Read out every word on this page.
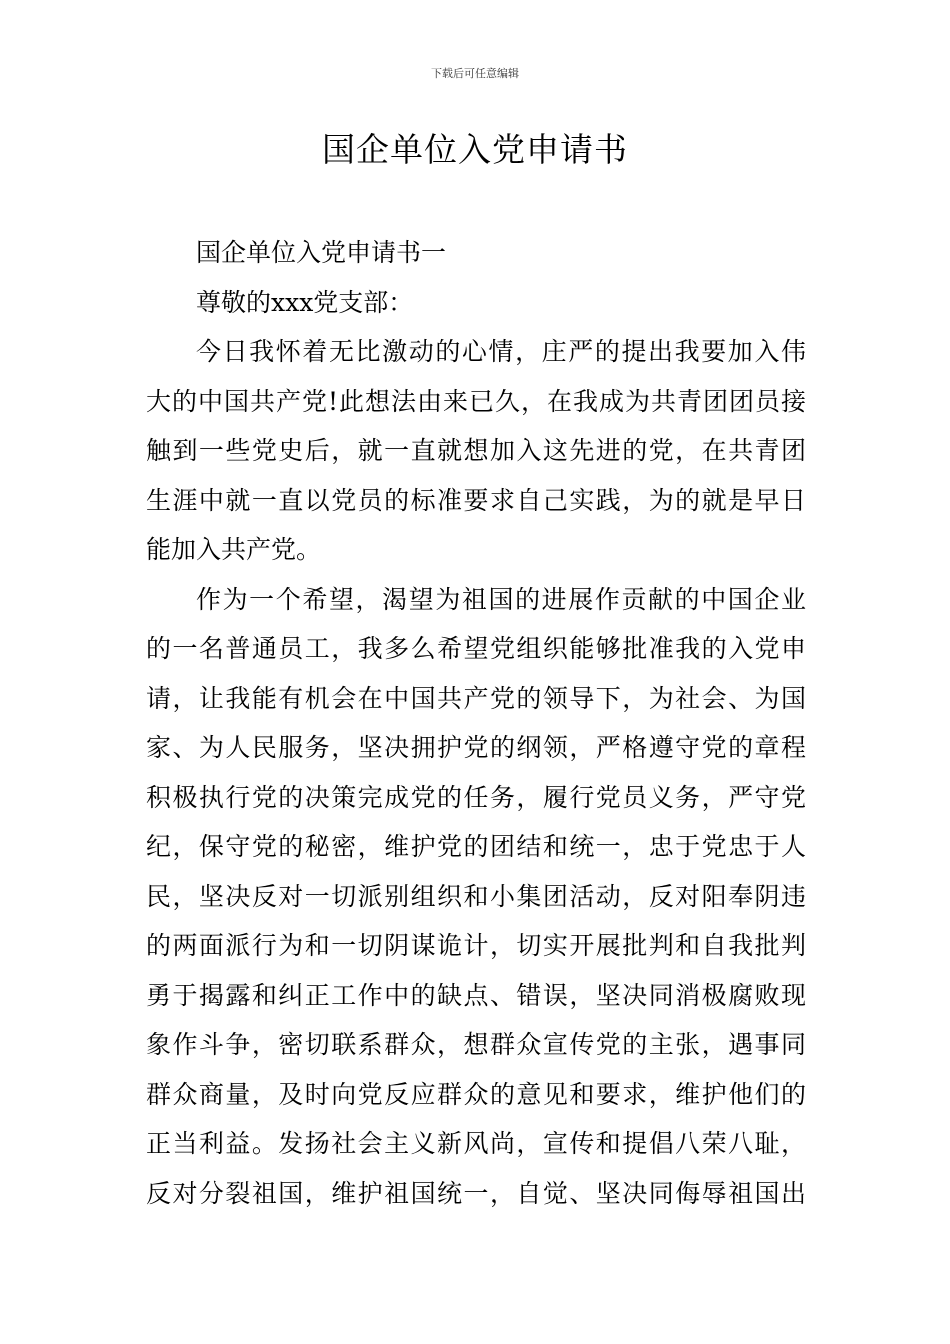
下载后可任意编辑
国企单位入党申请书
国企单位入党申请书一
尊敬的xxx党支部：
今日我怀着无比激动的心情，庄严的提出我要加入伟
大的中国共产党!此想法由来已久，在我成为共青团团员接
触到一些党史后，就一直就想加入这先进的党，在共青团
生涯中就一直以党员的标准要求自己实践，为的就是早日
能加入共产党。
作为一个希望，渴望为祖国的进展作贡献的中国企业
的一名普通员工，我多么希望党组织能够批准我的入党申
请，让我能有机会在中国共产党的领导下，为社会、为国
家、为人民服务，坚决拥护党的纲领，严格遵守党的章程
积极执行党的决策完成党的任务，履行党员义务，严守党
纪，保守党的秘密，维护党的团结和统一，忠于党忠于人
民，坚决反对一切派别组织和小集团活动，反对阳奉阴违
的两面派行为和一切阴谋诡计，切实开展批判和自我批判
勇于揭露和纠正工作中的缺点、错误，坚决同消极腐败现
象作斗争，密切联系群众，想群众宣传党的主张，遇事同
群众商量，及时向党反应群众的意见和要求，维护他们的
正当利益。发扬社会主义新风尚，宣传和提倡八荣八耻，
反对分裂祖国，维护祖国统一，自觉、坚决同侮辱祖国出
